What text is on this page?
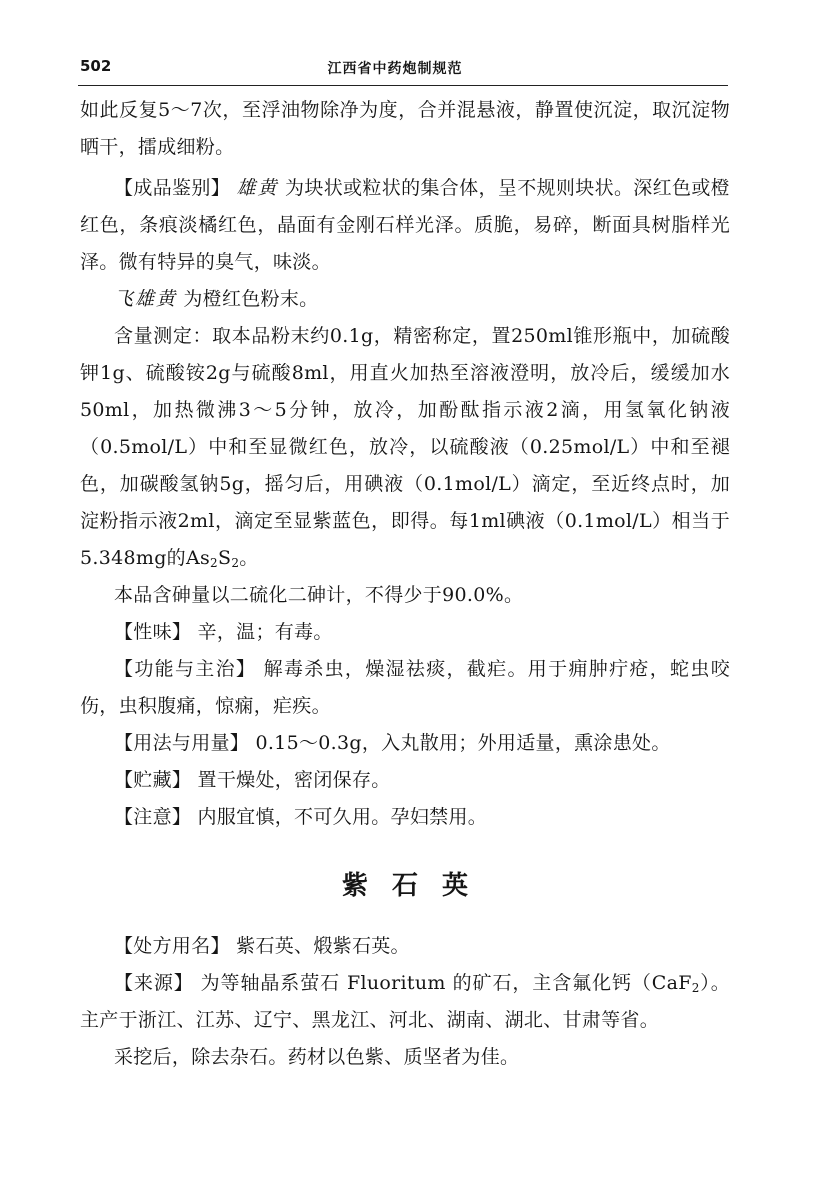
502	江西省中药炮制规范

如此反复5～7次，至浮油物除净为度，合并混悬液，静置使沉淀，取沉淀物晒干，擂成细粉。

【成品鉴别】 雄黄 为块状或粒状的集合体，呈不规则块状。深红色或橙红色，条痕淡橘红色，晶面有金刚石样光泽。质脆，易碎，断面具树脂样光泽。微有特异的臭气，味淡。

飞雄黄 为橙红色粉末。

含量测定：取本品粉末约0.1g，精密称定，置250ml锥形瓶中，加硫酸钾1g、硫酸铵2g与硫酸8ml，用直火加热至溶液澄明，放冷后，缓缓加水50ml，加热微沸3～5分钟，放冷，加酚酞指示液2滴，用氢氧化钠液（0.5mol/L）中和至显微红色，放冷，以硫酸液（0.25mol/L）中和至褪色，加碳酸氢钠5g，摇匀后，用碘液（0.1mol/L）滴定，至近终点时，加淀粉指示液2ml，滴定至显紫蓝色，即得。每1ml碘液（0.1mol/L）相当于5.348mg的$As_2S_2$。

本品含砷量以二硫化二砷计，不得少于90.0%。

【性味】 辛，温；有毒。

【功能与主治】 解毒杀虫，燥湿祛痰，截疟。用于痈肿疔疮，蛇虫咬伤，虫积腹痛，惊痫，疟疾。

【用法与用量】 0.15～0.3g，入丸散用；外用适量，熏涂患处。

【贮藏】 置干燥处，密闭保存。

【注意】 内服宜慎，不可久用。孕妇禁用。

紫石英

【处方用名】 紫石英、煅紫石英。

【来源】 为等轴晶系萤石 Fluoritum 的矿石，主含氟化钙（CaF$_2$）。主产于浙江、江苏、辽宁、黑龙江、河北、湖南、湖北、甘肃等省。

采挖后，除去杂石。药材以色紫、质坚者为佳。
